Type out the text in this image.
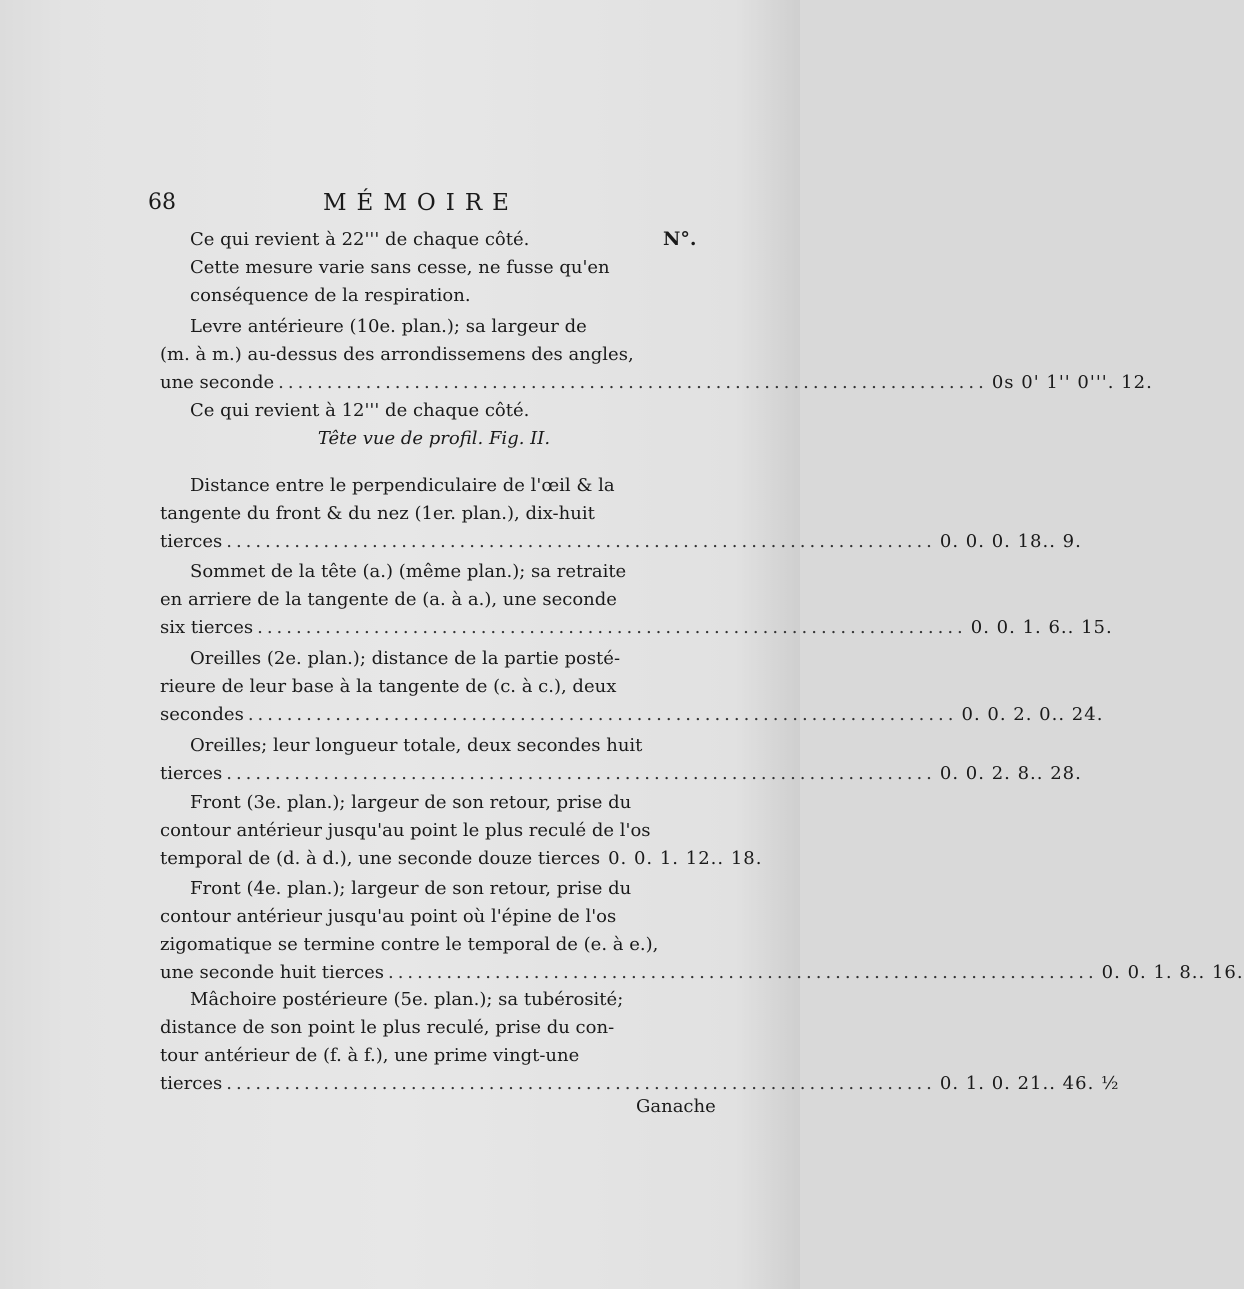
68	MÉMOIRE
N°.
Ce qui revient à 22''' de chaque côté.
Cette mesure varie sans cesse, ne fusse qu'en
conséquence de la respiration.
Levre antérieure (10e. plan.); sa largeur de
(m. à m.) au-dessus des arrondissemens des angles,
une seconde ......................................................................... 0s 0' 1'' 0'''. 12.
Ce qui revient à 12''' de chaque côté.
Tête vue de profil. Fig. II.
Distance entre le perpendiculaire de l'œil & la
tangente du front & du nez (1er. plan.), dix-huit
tierces ......................................................................... 0. 0. 0. 18.. 9.
Sommet de la tête (a.) (même plan.); sa retraite
en arriere de la tangente de (a. à a.), une seconde
six tierces ......................................................................... 0. 0. 1. 6.. 15.
Oreilles (2e. plan.); distance de la partie posté-
rieure de leur base à la tangente de (c. à c.), deux
secondes ......................................................................... 0. 0. 2. 0.. 24.
Oreilles; leur longueur totale, deux secondes huit
tierces ......................................................................... 0. 0. 2. 8.. 28.
Front (3e. plan.); largeur de son retour, prise du
contour antérieur jusqu'au point le plus reculé de l'os
temporal de (d. à d.), une seconde douze tierces 0. 0. 1. 12.. 18.
Front (4e. plan.); largeur de son retour, prise du
contour antérieur jusqu'au point où l'épine de l'os
zigomatique se termine contre le temporal de (e. à e.),
une seconde huit tierces ......................................................................... 0. 0. 1. 8.. 16.
Mâchoire postérieure (5e. plan.); sa tubérosité;
distance de son point le plus reculé, prise du con-
tour antérieur de (f. à f.), une prime vingt-une
tierces ......................................................................... 0. 1. 0. 21.. 46. ½
Ganache
